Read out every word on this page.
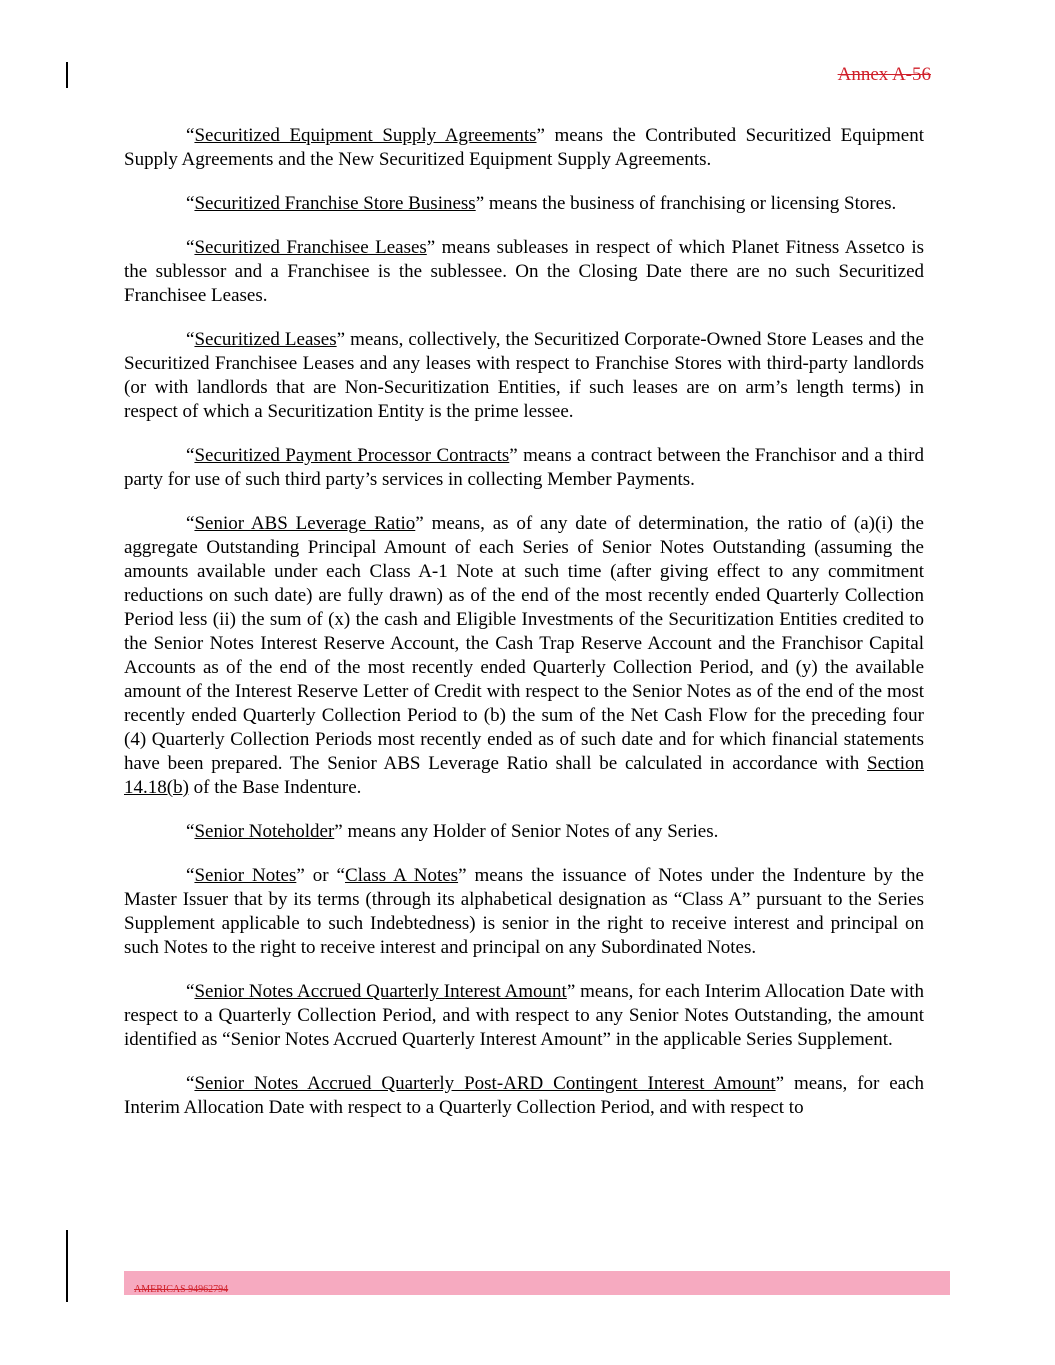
Annex A-56

“Securitized Equipment Supply Agreements” means the Contributed Securitized Equipment Supply Agreements and the New Securitized Equipment Supply Agreements.

“Securitized Franchise Store Business” means the business of franchising or licensing Stores.

“Securitized Franchisee Leases” means subleases in respect of which Planet Fitness Assetco is the sublessor and a Franchisee is the sublessee. On the Closing Date there are no such Securitized Franchisee Leases.

“Securitized Leases” means, collectively, the Securitized Corporate-Owned Store Leases and the Securitized Franchisee Leases and any leases with respect to Franchise Stores with third-party landlords (or with landlords that are Non-Securitization Entities, if such leases are on arm’s length terms) in respect of which a Securitization Entity is the prime lessee.

“Securitized Payment Processor Contracts” means a contract between the Franchisor and a third party for use of such third party’s services in collecting Member Payments.

“Senior ABS Leverage Ratio” means, as of any date of determination, the ratio of (a)(i) the aggregate Outstanding Principal Amount of each Series of Senior Notes Outstanding (assuming the amounts available under each Class A-1 Note at such time (after giving effect to any commitment reductions on such date) are fully drawn) as of the end of the most recently ended Quarterly Collection Period less (ii) the sum of (x) the cash and Eligible Investments of the Securitization Entities credited to the Senior Notes Interest Reserve Account, the Cash Trap Reserve Account and the Franchisor Capital Accounts as of the end of the most recently ended Quarterly Collection Period, and (y) the available amount of the Interest Reserve Letter of Credit with respect to the Senior Notes as of the end of the most recently ended Quarterly Collection Period to (b) the sum of the Net Cash Flow for the preceding four (4) Quarterly Collection Periods most recently ended as of such date and for which financial statements have been prepared. The Senior ABS Leverage Ratio shall be calculated in accordance with Section 14.18(b) of the Base Indenture.

“Senior Noteholder” means any Holder of Senior Notes of any Series.

“Senior Notes” or “Class A Notes” means the issuance of Notes under the Indenture by the Master Issuer that by its terms (through its alphabetical designation as “Class A” pursuant to the Series Supplement applicable to such Indebtedness) is senior in the right to receive interest and principal on such Notes to the right to receive interest and principal on any Subordinated Notes.

“Senior Notes Accrued Quarterly Interest Amount” means, for each Interim Allocation Date with respect to a Quarterly Collection Period, and with respect to any Senior Notes Outstanding, the amount identified as “Senior Notes Accrued Quarterly Interest Amount” in the applicable Series Supplement.

“Senior Notes Accrued Quarterly Post-ARD Contingent Interest Amount” means, for each Interim Allocation Date with respect to a Quarterly Collection Period, and with respect to

AMERICAS 94962794
